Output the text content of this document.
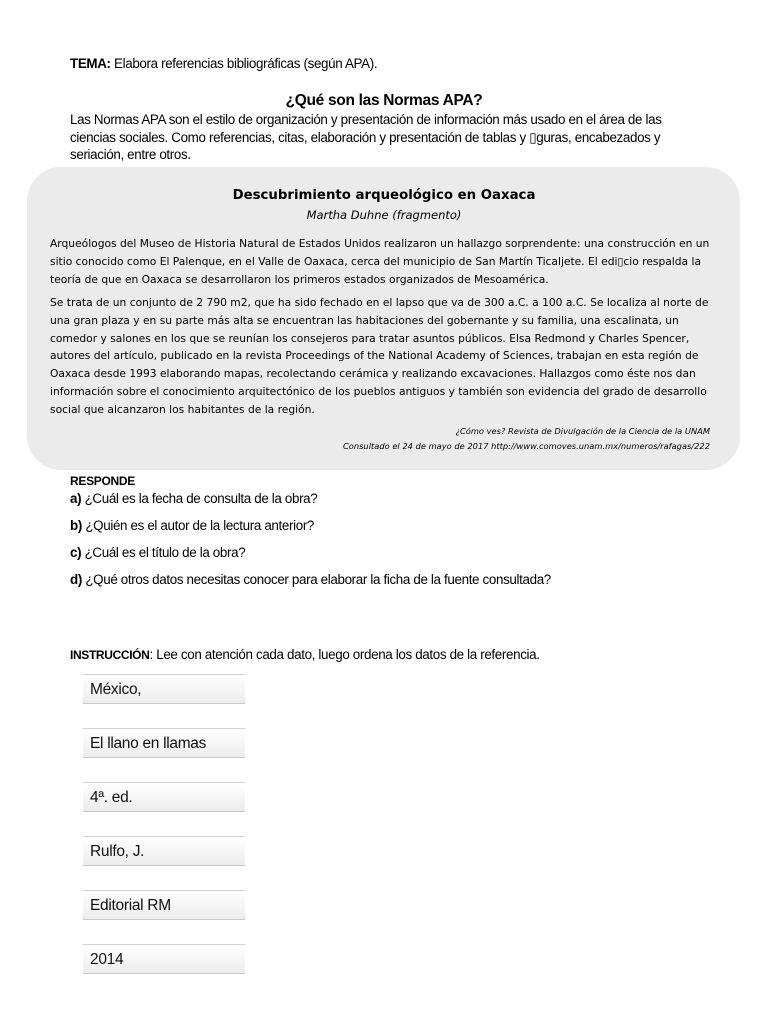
TEMA: Elabora referencias bibliográficas (según APA).
¿Qué son las Normas APA?
Las Normas APA son el estilo de organización y presentación de información más usado en el área de las ciencias sociales. Como referencias, citas, elaboración y presentación de tablas y ▯guras, encabezados y seriación, entre otros.
Descubrimiento arqueológico en Oaxaca
Martha Duhne (fragmento)
Arqueólogos del Museo de Historia Natural de Estados Unidos realizaron un hallazgo sorprendente: una construcción en un sitio conocido como El Palenque, en el Valle de Oaxaca, cerca del municipio de San Martín Ticaljete. El edi▯cio respalda la teoría de que en Oaxaca se desarrollaron los primeros estados organizados de Mesoamérica.
Se trata de un conjunto de 2 790 m2, que ha sido fechado en el lapso que va de 300 a.C. a 100 a.C. Se localiza al norte de una gran plaza y en su parte más alta se encuentran las habitaciones del gobernante y su familia, una escalinata, un comedor y salones en los que se reunían los consejeros para tratar asuntos públicos. Elsa Redmond y Charles Spencer, autores del artículo, publicado en la revista Proceedings of the National Academy of Sciences, trabajan en esta región de Oaxaca desde 1993 elaborando mapas, recolectando cerámica y realizando excavaciones. Hallazgos como éste nos dan información sobre el conocimiento arquitectónico de los pueblos antiguos y también son evidencia del grado de desarrollo social que alcanzaron los habitantes de la región.
¿Cómo ves? Revista de Divulgación de la Ciencia de la UNAM
Consultado el 24 de mayo de 2017 http://www.comoves.unam.mx/numeros/rafagas/222
RESPONDE
a) ¿Cuál es la fecha de consulta de la obra?
b) ¿Quién es el autor de la lectura anterior?
c) ¿Cuál es el título de la obra?
d) ¿Qué otros datos necesitas conocer para elaborar la ficha de la fuente consultada?
INSTRUCCIÓN: Lee con atención cada dato, luego ordena los datos de la referencia.
México,
El llano en llamas
4ª. ed.
Rulfo, J.
Editorial RM
2014
